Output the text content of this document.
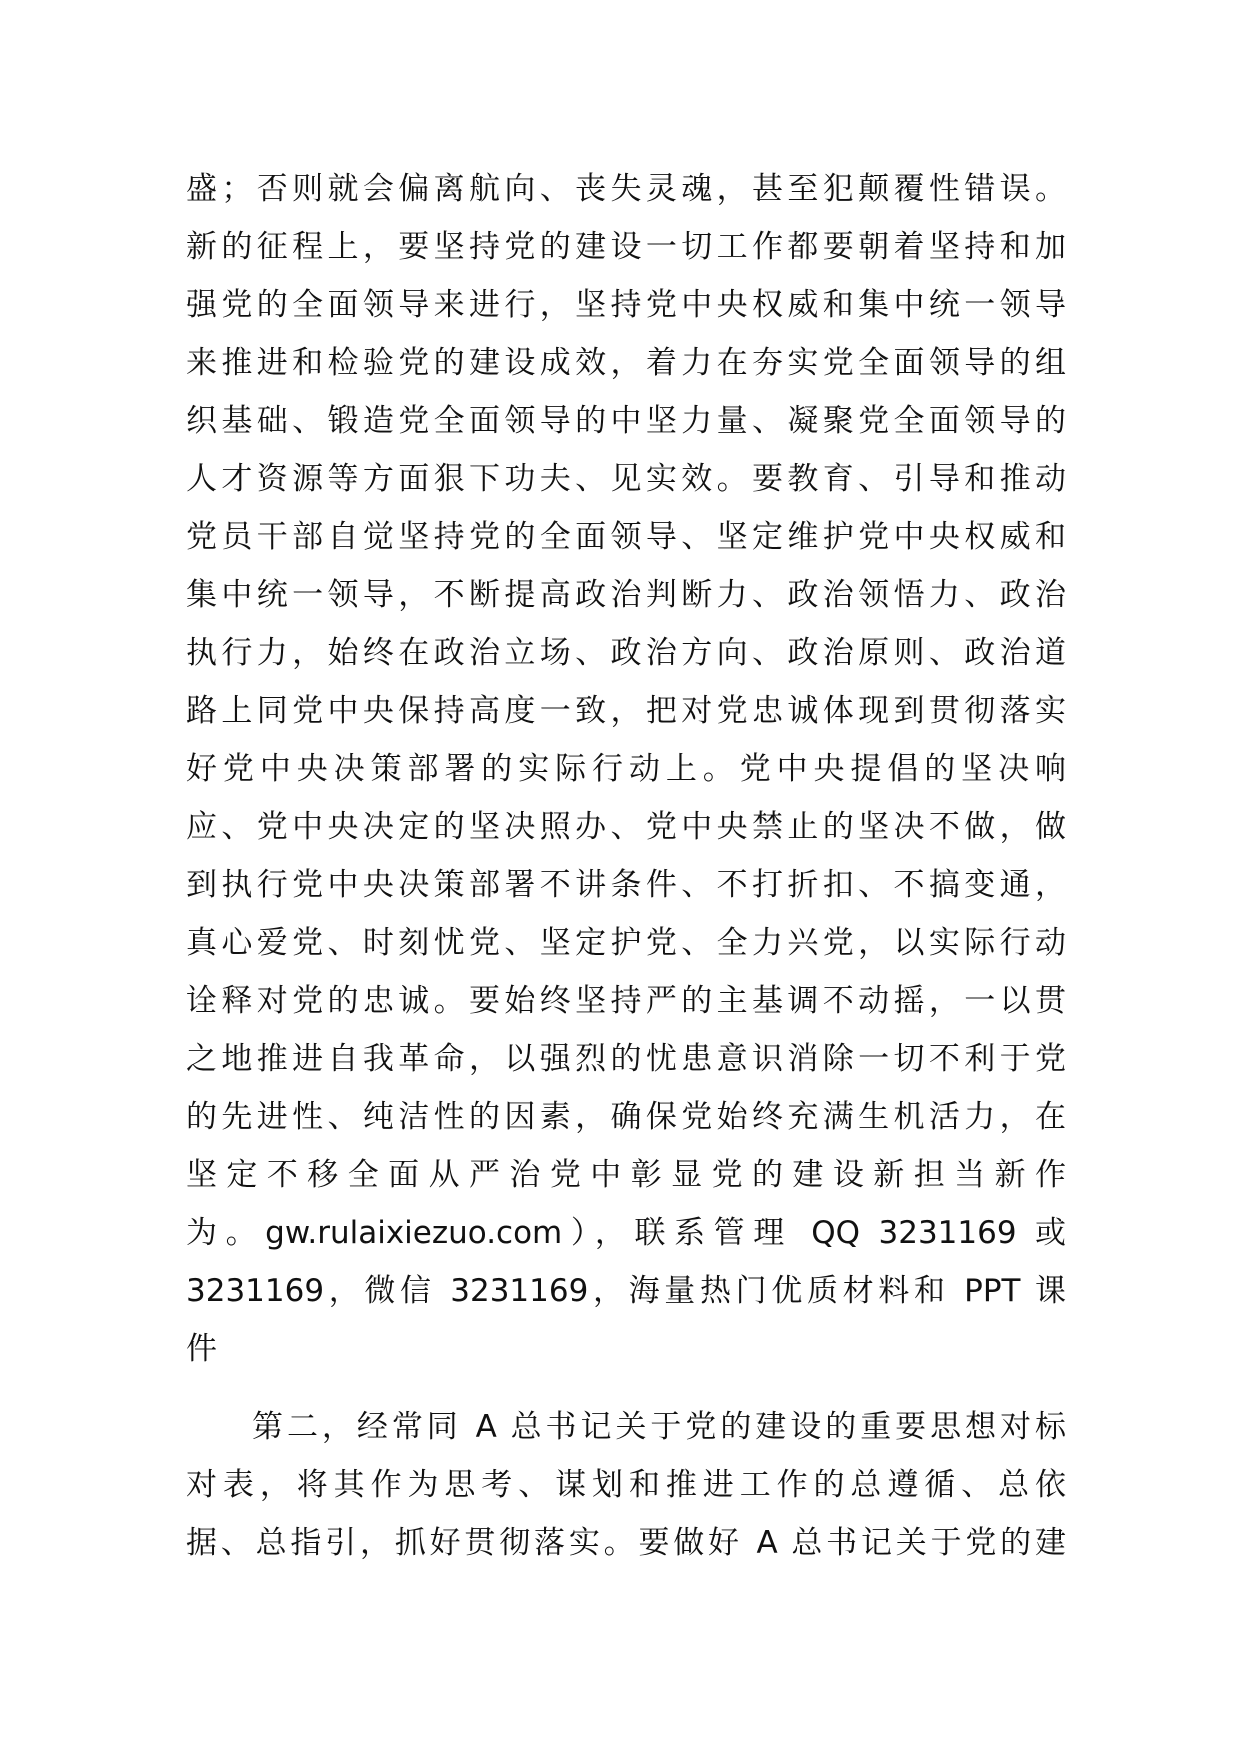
盛；否则就会偏离航向、丧失灵魂，甚至犯颠覆性错误。
新的征程上，要坚持党的建设一切工作都要朝着坚持和加
强党的全面领导来进行，坚持党中央权威和集中统一领导
来推进和检验党的建设成效，着力在夯实党全面领导的组
织基础、锻造党全面领导的中坚力量、凝聚党全面领导的
人才资源等方面狠下功夫、见实效。要教育、引导和推动
党员干部自觉坚持党的全面领导、坚定维护党中央权威和
集中统一领导，不断提高政治判断力、政治领悟力、政治
执行力，始终在政治立场、政治方向、政治原则、政治道
路上同党中央保持高度一致，把对党忠诚体现到贯彻落实
好党中央决策部署的实际行动上。党中央提倡的坚决响
应、党中央决定的坚决照办、党中央禁止的坚决不做，做
到执行党中央决策部署不讲条件、不打折扣、不搞变通，
真心爱党、时刻忧党、坚定护党、全力兴党，以实际行动
诠释对党的忠诚。要始终坚持严的主基调不动摇，一以贯
之地推进自我革命，以强烈的忧患意识消除一切不利于党
的先进性、纯洁性的因素，确保党始终充满生机活力，在
坚定不移全面从严治党中彰显党的建设新担当新作
为。gw.rulaixiezuo.com），联系管理 QQ 3231169 或
3231169，微信 3231169，海量热门优质材料和 PPT 课
件
第二，经常同 A 总书记关于党的建设的重要思想对标
对表，将其作为思考、谋划和推进工作的总遵循、总依
据、总指引，抓好贯彻落实。要做好 A 总书记关于党的建
